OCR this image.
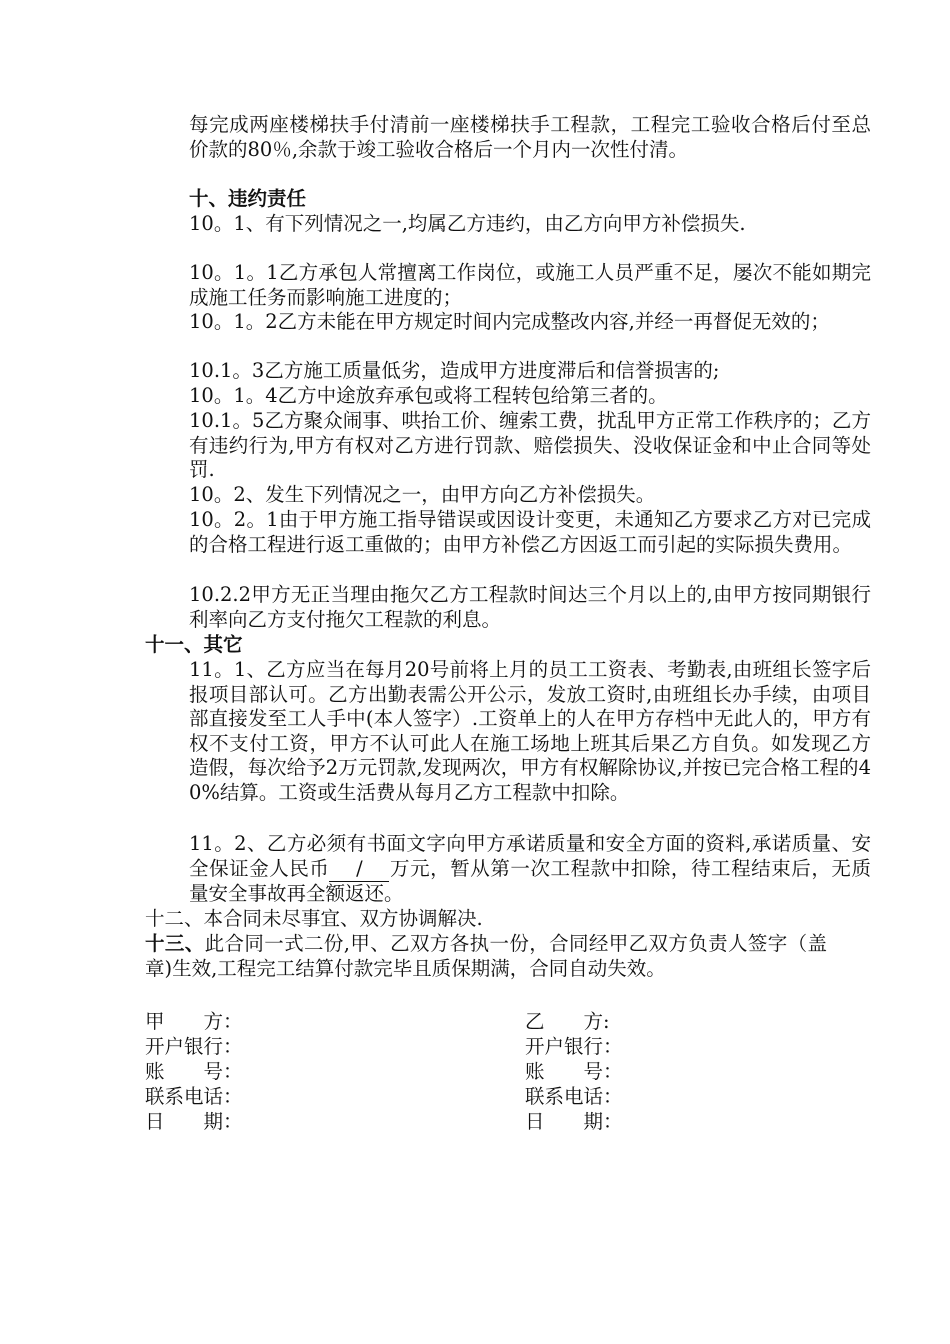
每完成两座楼梯扶手付清前一座楼梯扶手工程款，工程完工验收合格后付至总价款的80％,余款于竣工验收合格后一个月内一次性付清。
十、违约责任
10。1、有下列情况之一,均属乙方违约，由乙方向甲方补偿损失.
10。1。1乙方承包人常擅离工作岗位，或施工人员严重不足，屡次不能如期完成施工任务而影响施工进度的；
10。1。2乙方未能在甲方规定时间内完成整改内容,并经一再督促无效的；
10.1。3乙方施工质量低劣，造成甲方进度滞后和信誉损害的;
10。1。4乙方中途放弃承包或将工程转包给第三者的。
10.1。5乙方聚众闹事、哄抬工价、缠索工费，扰乱甲方正常工作秩序的；乙方有违约行为,甲方有权对乙方进行罚款、赔偿损失、没收保证金和中止合同等处罚.
10。2、发生下列情况之一，由甲方向乙方补偿损失。
10。2。1由于甲方施工指导错误或因设计变更，未通知乙方要求乙方对已完成的合格工程进行返工重做的；由甲方补偿乙方因返工而引起的实际损失费用。
10.2.2甲方无正当理由拖欠乙方工程款时间达三个月以上的,由甲方按同期银行利率向乙方支付拖欠工程款的利息。
十一、其它
11。1、乙方应当在每月20号前将上月的员工工资表、考勤表,由班组长签字后报项目部认可。乙方出勤表需公开公示，发放工资时,由班组长办手续，由项目部直接发至工人手中(本人签字）.工资单上的人在甲方存档中无此人的，甲方有权不支付工资，甲方不认可此人在施工场地上班其后果乙方自负。如发现乙方造假，每次给予2万元罚款,发现两次，甲方有权解除协议,并按已完合格工程的40%结算。工资或生活费从每月乙方工程款中扣除。
11。2、乙方必须有书面文字向甲方承诺质量和安全方面的资料,承诺质量、安全保证金人民币 / 万元，暂从第一次工程款中扣除，待工程结束后，无质量安全事故再全额返还。
十二、本合同未尽事宜、双方协调解决.
十三、此合同一式二份,甲、乙双方各执一份，合同经甲乙双方负责人签字（盖章)生效,工程完工结算付款完毕且质保期满，合同自动失效。
甲　　方：
开户银行：
账　　号：
联系电话：
日　　期：
乙　　方:
开户银行：
账　　号：
联系电话：
日　　期：
